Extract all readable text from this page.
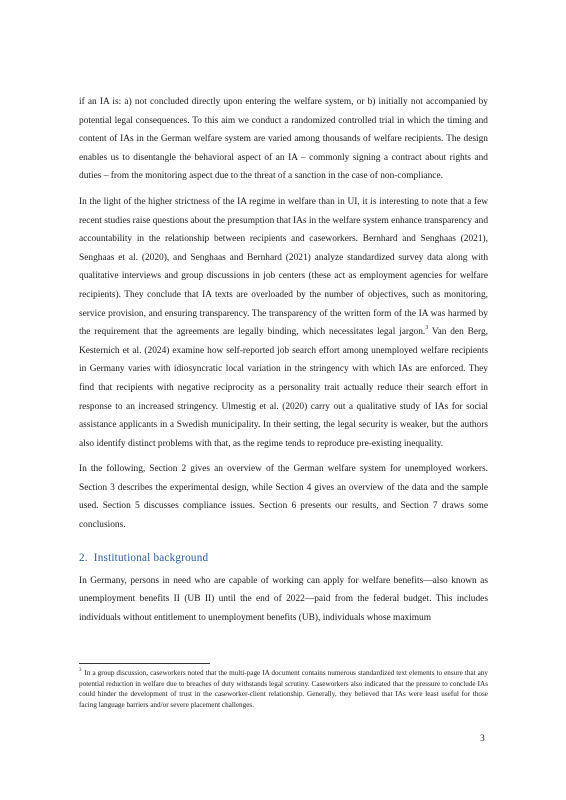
if an IA is: a) not concluded directly upon entering the welfare system, or b) initially not accompanied by potential legal consequences. To this aim we conduct a randomized controlled trial in which the timing and content of IAs in the German welfare system are varied among thousands of welfare recipients. The design enables us to disentangle the behavioral aspect of an IA – commonly signing a contract about rights and duties – from the monitoring aspect due to the threat of a sanction in the case of non-compliance.

In the light of the higher strictness of the IA regime in welfare than in UI, it is interesting to note that a few recent studies raise questions about the presumption that IAs in the welfare system enhance transparency and accountability in the relationship between recipients and caseworkers. Bernhard and Senghaas (2021), Senghaas et al. (2020), and Senghaas and Bernhard (2021) analyze standardized survey data along with qualitative interviews and group discussions in job centers (these act as employment agencies for welfare recipients). They conclude that IA texts are overloaded by the number of objectives, such as monitoring, service provision, and ensuring transparency. The transparency of the written form of the IA was harmed by the requirement that the agreements are legally binding, which necessitates legal jargon.$^3$ Van den Berg, Kesternich et al. (2024) examine how self-reported job search effort among unemployed welfare recipients in Germany varies with idiosyncratic local variation in the stringency with which IAs are enforced. They find that recipients with negative reciprocity as a personality trait actually reduce their search effort in response to an increased stringency. Ulmestig et al. (2020) carry out a qualitative study of IAs for social assistance applicants in a Swedish municipality. In their setting, the legal security is weaker, but the authors also identify distinct problems with that, as the regime tends to reproduce pre-existing inequality.

In the following, Section 2 gives an overview of the German welfare system for unemployed workers. Section 3 describes the experimental design, while Section 4 gives an overview of the data and the sample used. Section 5 discusses compliance issues. Section 6 presents our results, and Section 7 draws some conclusions.

2. Institutional background

In Germany, persons in need who are capable of working can apply for welfare benefits—also known as unemployment benefits II (UB II) until the end of 2022—paid from the federal budget. This includes individuals without entitlement to unemployment benefits (UB), individuals whose maximum

$^3$ In a group discussion, caseworkers noted that the multi-page IA document contains numerous standardized text elements to ensure that any potential reduction in welfare due to breaches of duty withstands legal scrutiny. Caseworkers also indicated that the pressure to conclude IAs could hinder the development of trust in the caseworker-client relationship. Generally, they believed that IAs were least useful for those facing language barriers and/or severe placement challenges.
3
